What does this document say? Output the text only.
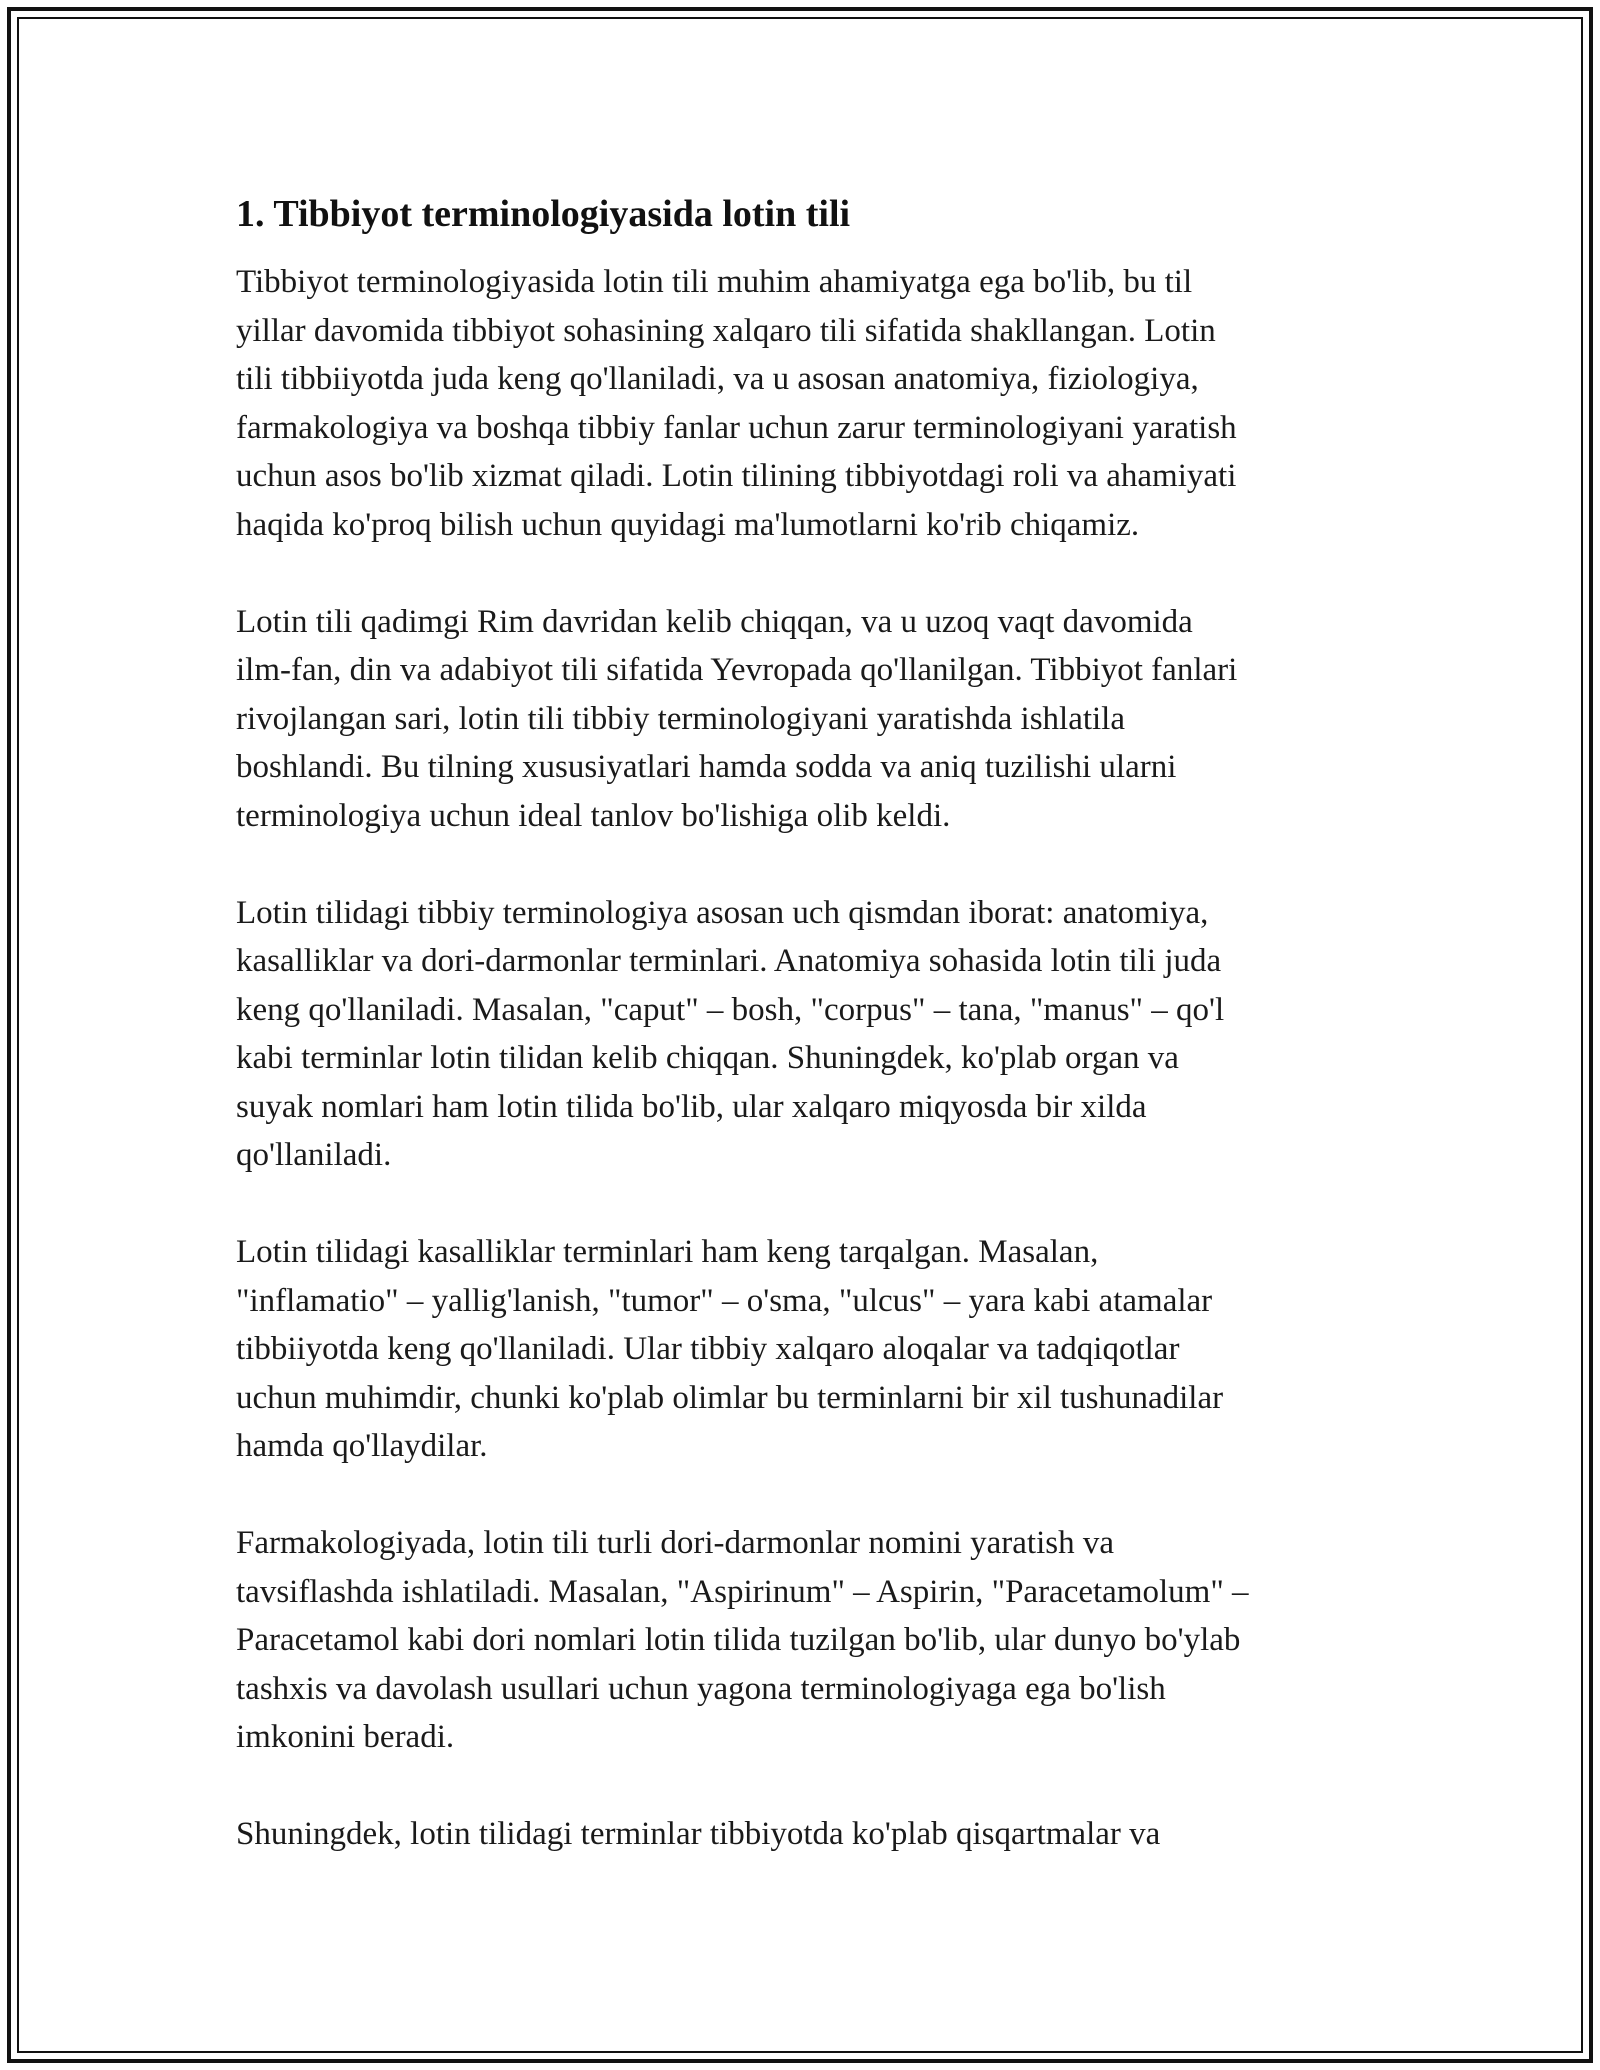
1. Tibbiyot terminologiyasida lotin tili

Tibbiyot terminologiyasida lotin tili muhim ahamiyatga ega bo'lib, bu til
yillar davomida tibbiyot sohasining xalqaro tili sifatida shakllangan. Lotin
tili tibbiiyotda juda keng qo'llaniladi, va u asosan anatomiya, fiziologiya,
farmakologiya va boshqa tibbiy fanlar uchun zarur terminologiyani yaratish
uchun asos bo'lib xizmat qiladi. Lotin tilining tibbiyotdagi roli va ahamiyati
haqida ko'proq bilish uchun quyidagi ma'lumotlarni ko'rib chiqamiz.

Lotin tili qadimgi Rim davridan kelib chiqqan, va u uzoq vaqt davomida
ilm-fan, din va adabiyot tili sifatida Yevropada qo'llanilgan. Tibbiyot fanlari
rivojlangan sari, lotin tili tibbiy terminologiyani yaratishda ishlatila
boshlandi. Bu tilning xususiyatlari hamda sodda va aniq tuzilishi ularni
terminologiya uchun ideal tanlov bo'lishiga olib keldi.

Lotin tilidagi tibbiy terminologiya asosan uch qismdan iborat: anatomiya,
kasalliklar va dori-darmonlar terminlari. Anatomiya sohasida lotin tili juda
keng qo'llaniladi. Masalan, "caput" – bosh, "corpus" – tana, "manus" – qo'l
kabi terminlar lotin tilidan kelib chiqqan. Shuningdek, ko'plab organ va
suyak nomlari ham lotin tilida bo'lib, ular xalqaro miqyosda bir xilda
qo'llaniladi.

Lotin tilidagi kasalliklar terminlari ham keng tarqalgan. Masalan,
"inflamatio" – yallig'lanish, "tumor" – o'sma, "ulcus" – yara kabi atamalar
tibbiiyotda keng qo'llaniladi. Ular tibbiy xalqaro aloqalar va tadqiqotlar
uchun muhimdir, chunki ko'plab olimlar bu terminlarni bir xil tushunadilar
hamda qo'llaydilar.

Farmakologiyada, lotin tili turli dori-darmonlar nomini yaratish va
tavsiflashda ishlatiladi. Masalan, "Aspirinum" – Aspirin, "Paracetamolum" –
Paracetamol kabi dori nomlari lotin tilida tuzilgan bo'lib, ular dunyo bo'ylab
tashxis va davolash usullari uchun yagona terminologiyaga ega bo'lish
imkonini beradi.

Shuningdek, lotin tilidagi terminlar tibbiyotda ko'plab qisqartmalar va
